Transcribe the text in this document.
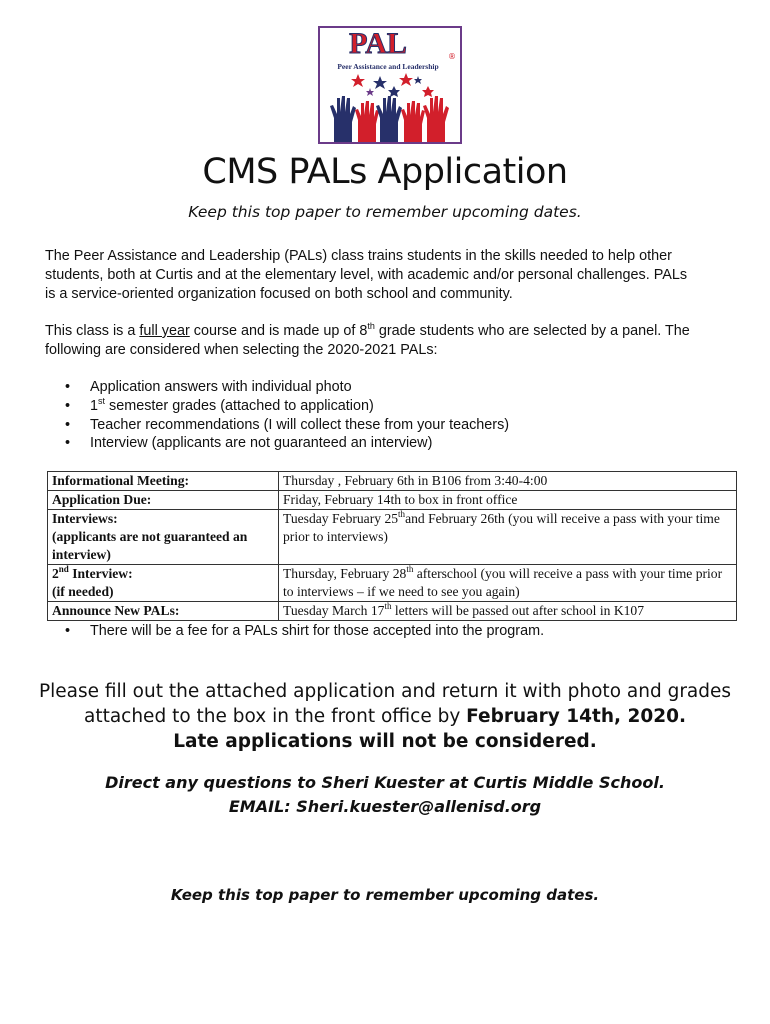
PAL	®
Peer Assistance and Leadership
CMS PALs Application
Keep this top paper to remember upcoming dates.
The Peer Assistance and Leadership (PALs) class trains students in the skills needed to help other
students, both at Curtis and at the elementary level, with academic and/or personal challenges. PALs
is a service-oriented organization focused on both school and community.
This class is a full year course and is made up of 8th grade students who are selected by a panel. The
following are considered when selecting the 2020-2021 PALs:
• Application answers with individual photo
• 1st semester grades (attached to application)
• Teacher recommendations (I will collect these from your teachers)
• Interview (applicants are not guaranteed an interview)
Informational Meeting:	Thursday , February 6th in B106 from 3:40-4:00
Application Due:	Friday, February 14th to box in front office

Interviews:
(applicants are not guaranteed an interview)	Tuesday February 25thand February 26th (you will receive a pass with your time prior to interviews)

2nd Interview:
(if needed)	Thursday, February 28th afterschool (you will receive a pass with your time prior to interviews – if we need to see you again)
Announce New PALs:	Tuesday March 17th letters will be passed out after school in K107
• There will be a fee for a PALs shirt for those accepted into the program.
Please fill out the attached application and return it with photo and grades
attached to the box in the front office by February 14th, 2020.
Late applications will not be considered.
Direct any questions to Sheri Kuester at Curtis Middle School.
EMAIL: Sheri.kuester@allenisd.org
Keep this top paper to remember upcoming dates.
